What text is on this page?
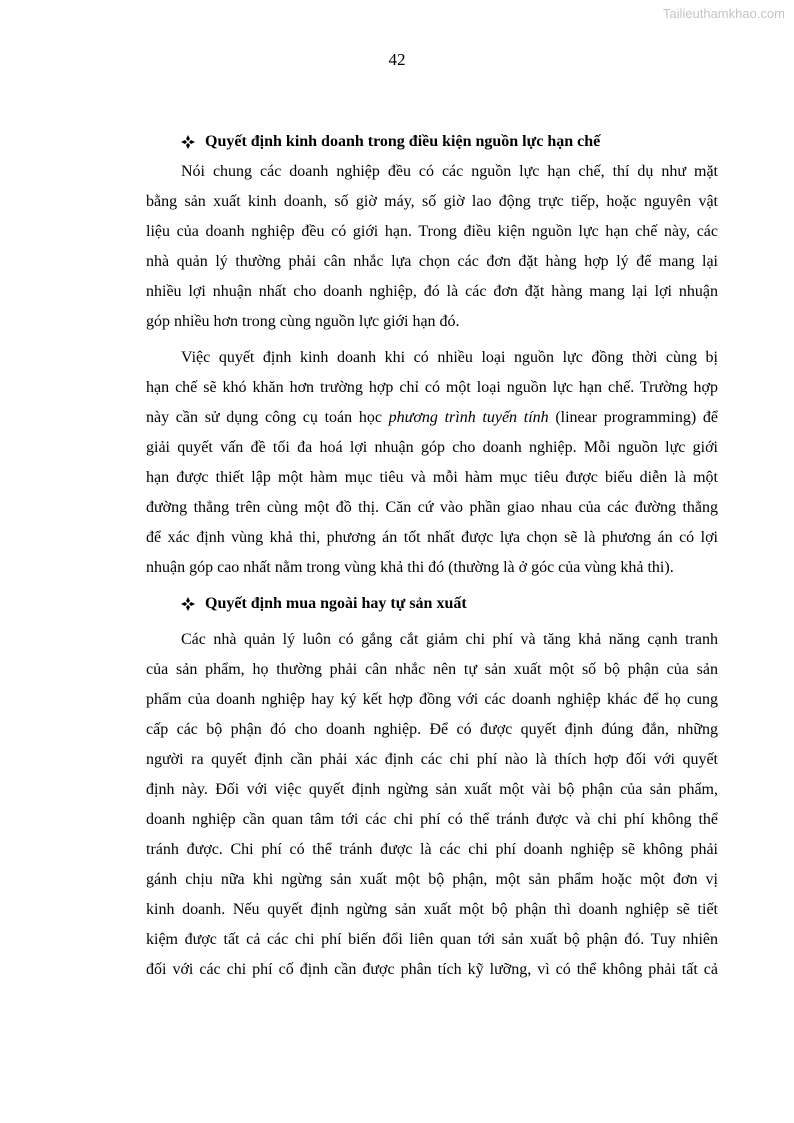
Tailieuthamkhao.com
42
Quyết định kinh doanh trong điều kiện nguồn lực hạn chế

Nói chung các doanh nghiệp đều có các nguồn lực hạn chế, thí dụ như mặt

bằng sản xuất kinh doanh, số giờ máy, số giờ lao động trực tiếp, hoặc nguyên vật

liệu của doanh nghiệp đều có giới hạn. Trong điều kiện nguồn lực hạn chế này, các

nhà quản lý thường phải cân nhắc lựa chọn các đơn đặt hàng hợp lý để mang lại

nhiều lợi nhuận nhất cho doanh nghiệp, đó là các đơn đặt hàng mang lại lợi nhuận

góp nhiều hơn trong cùng nguồn lực giới hạn đó.

Việc quyết định kinh doanh khi có nhiều loại nguồn lực đồng thời cùng bị

hạn chế sẽ khó khăn hơn trường hợp chỉ có một loại nguồn lực hạn chế. Trường hợp

này cần sử dụng công cụ toán học phương trình tuyến tính (linear programming) để

giải quyết vấn đề tối đa hoá lợi nhuận góp cho doanh nghiệp. Mỗi nguồn lực giới

hạn được thiết lập một hàm mục tiêu và mỗi hàm mục tiêu được biểu diễn là một

đường thẳng trên cùng một đồ thị. Căn cứ vào phần giao nhau của các đường thẳng

để xác định vùng khả thi, phương án tốt nhất được lựa chọn sẽ là phương án có lợi

nhuận góp cao nhất nằm trong vùng khả thi đó (thường là ở góc của vùng khả thi).

Quyết định mua ngoài hay tự sản xuất

Các nhà quản lý luôn có gắng cắt giảm chi phí và tăng khả năng cạnh tranh

của sản phẩm, họ thường phải cân nhắc nên tự sản xuất một số bộ phận của sản

phẩm của doanh nghiệp hay ký kết hợp đồng với các doanh nghiệp khác để họ cung

cấp các bộ phận đó cho doanh nghiệp. Để có được quyết định đúng đắn, những

người ra quyết định cần phải xác định các chi phí nào là thích hợp đối với quyết

định này. Đối với việc quyết định ngừng sản xuất một vài bộ phận của sản phẩm,

doanh nghiệp cần quan tâm tới các chi phí có thể tránh được và chi phí không thể

tránh được. Chi phí có thể tránh được là các chi phí doanh nghiệp sẽ không phải

gánh chịu nữa khi ngừng sản xuất một bộ phận, một sản phẩm hoặc một đơn vị

kinh doanh. Nếu quyết định ngừng sản xuất một bộ phận thì doanh nghiệp sẽ tiết

kiệm được tất cả các chi phí biến đổi liên quan tới sản xuất bộ phận đó. Tuy nhiên

đối với các chi phí cố định cần được phân tích kỹ lưỡng, vì có thể không phải tất cả
